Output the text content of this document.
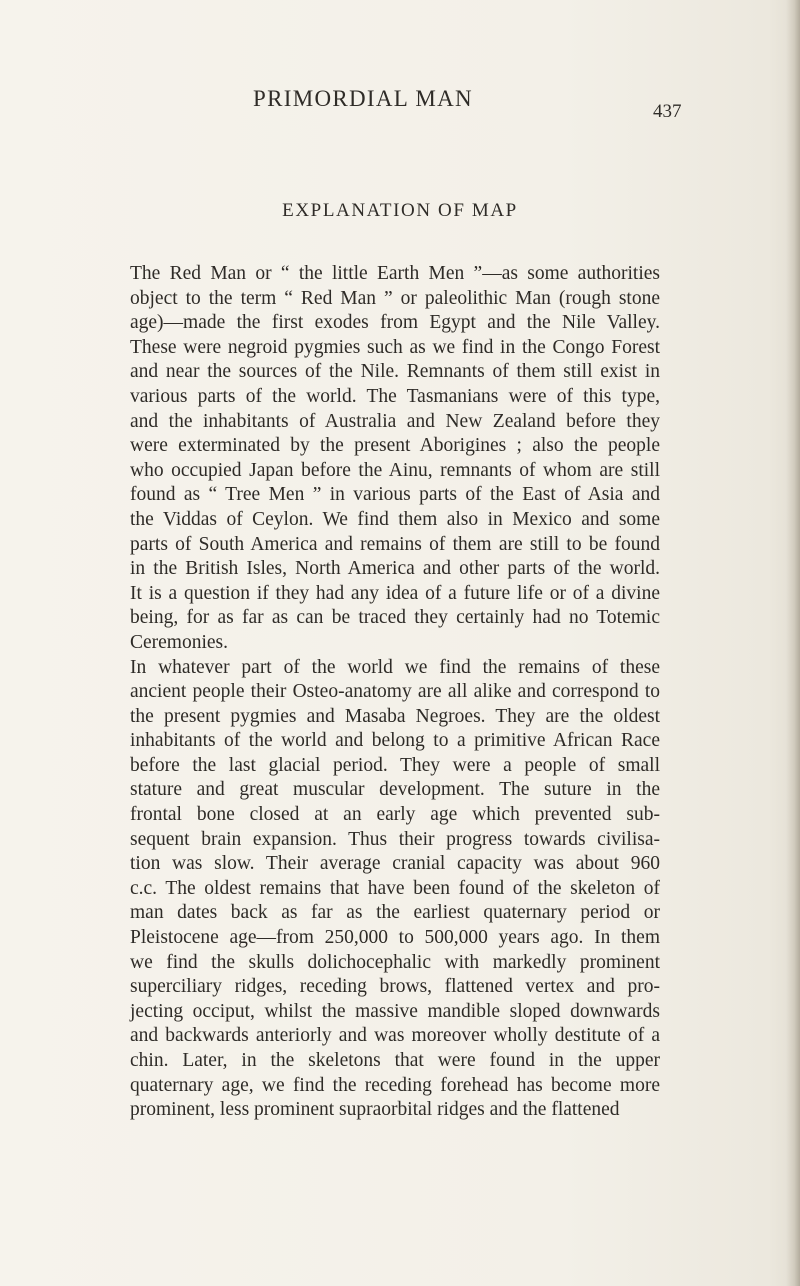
PRIMORDIAL MAN
437
EXPLANATION OF MAP
The Red Man or “ the little Earth Men ”—as some authorities
object to the term “ Red Man ” or paleolithic Man (rough stone
age)—made the first exodes from Egypt and the Nile Valley.
These were negroid pygmies such as we find in the Congo Forest
and near the sources of the Nile. Remnants of them still exist in
various parts of the world. The Tasmanians were of this type,
and the inhabitants of Australia and New Zealand before they
were exterminated by the present Aborigines ; also the people
who occupied Japan before the Ainu, remnants of whom are still
found as “ Tree Men ” in various parts of the East of Asia and
the Viddas of Ceylon. We find them also in Mexico and some
parts of South America and remains of them are still to be found
in the British Isles, North America and other parts of the world.
It is a question if they had any idea of a future life or of a divine
being, for as far as can be traced they certainly had no Totemic
Ceremonies.
In whatever part of the world we find the remains of these
ancient people their Osteo-anatomy are all alike and correspond to
the present pygmies and Masaba Negroes. They are the oldest
inhabitants of the world and belong to a primitive African Race
before the last glacial period. They were a people of small
stature and great muscular development. The suture in the
frontal bone closed at an early age which prevented sub-
sequent brain expansion. Thus their progress towards civilisa-
tion was slow. Their average cranial capacity was about 960
c.c. The oldest remains that have been found of the skeleton of
man dates back as far as the earliest quaternary period or
Pleistocene age—from 250,000 to 500,000 years ago. In them
we find the skulls dolichocephalic with markedly prominent
superciliary ridges, receding brows, flattened vertex and pro-
jecting occiput, whilst the massive mandible sloped downwards
and backwards anteriorly and was moreover wholly destitute of a
chin. Later, in the skeletons that were found in the upper
quaternary age, we find the receding forehead has become more
prominent, less prominent supraorbital ridges and the flattened
